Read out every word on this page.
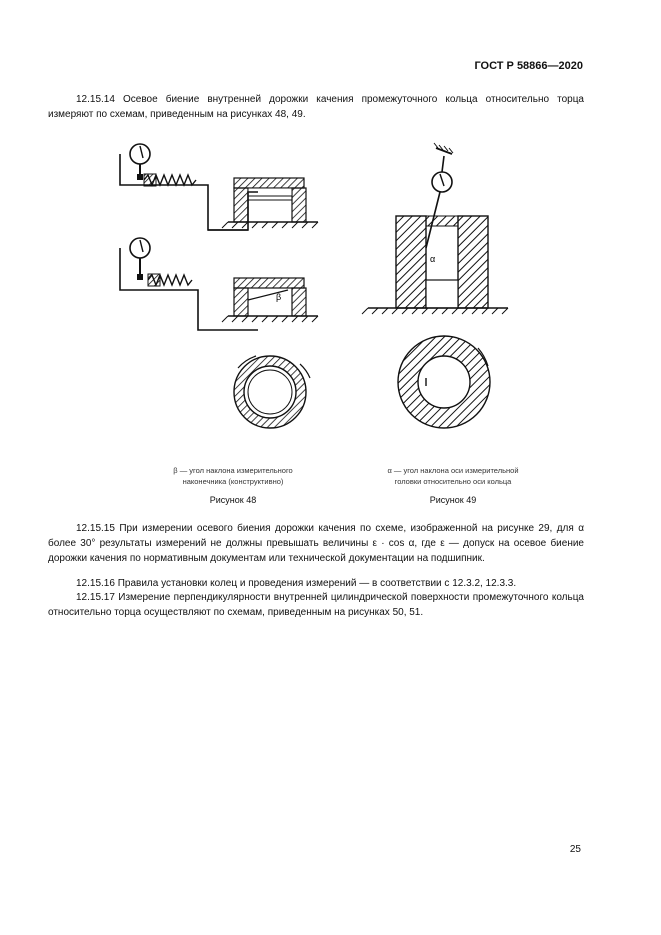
ГОСТ Р 58866—2020
12.15.14 Осевое биение внутренней дорожки качения промежуточного кольца относительно торца измеряют по схемам, приведенным на рисунках 48, 49.
β
α
β — угол наклона измерительного
наконечника (конструктивно)
Рисунок 48
α — угол наклона оси измерительной
головки относительно оси кольца
Рисунок 49
12.15.15 При измерении осевого биения дорожки качения по схеме, изображенной на рисунке 29, для α более 30° результаты измерений не должны превышать величины ε · cos α, где ε — допуск на осевое биение дорожки качения по нормативным документам или технической документации на подшипник.
12.15.16 Правила установки колец и проведения измерений — в соответствии с 12.3.2, 12.3.3.
12.15.17 Измерение перпендикулярности внутренней цилиндрической поверхности промежуточного кольца относительно торца осуществляют по схемам, приведенным на рисунках 50, 51.
25
